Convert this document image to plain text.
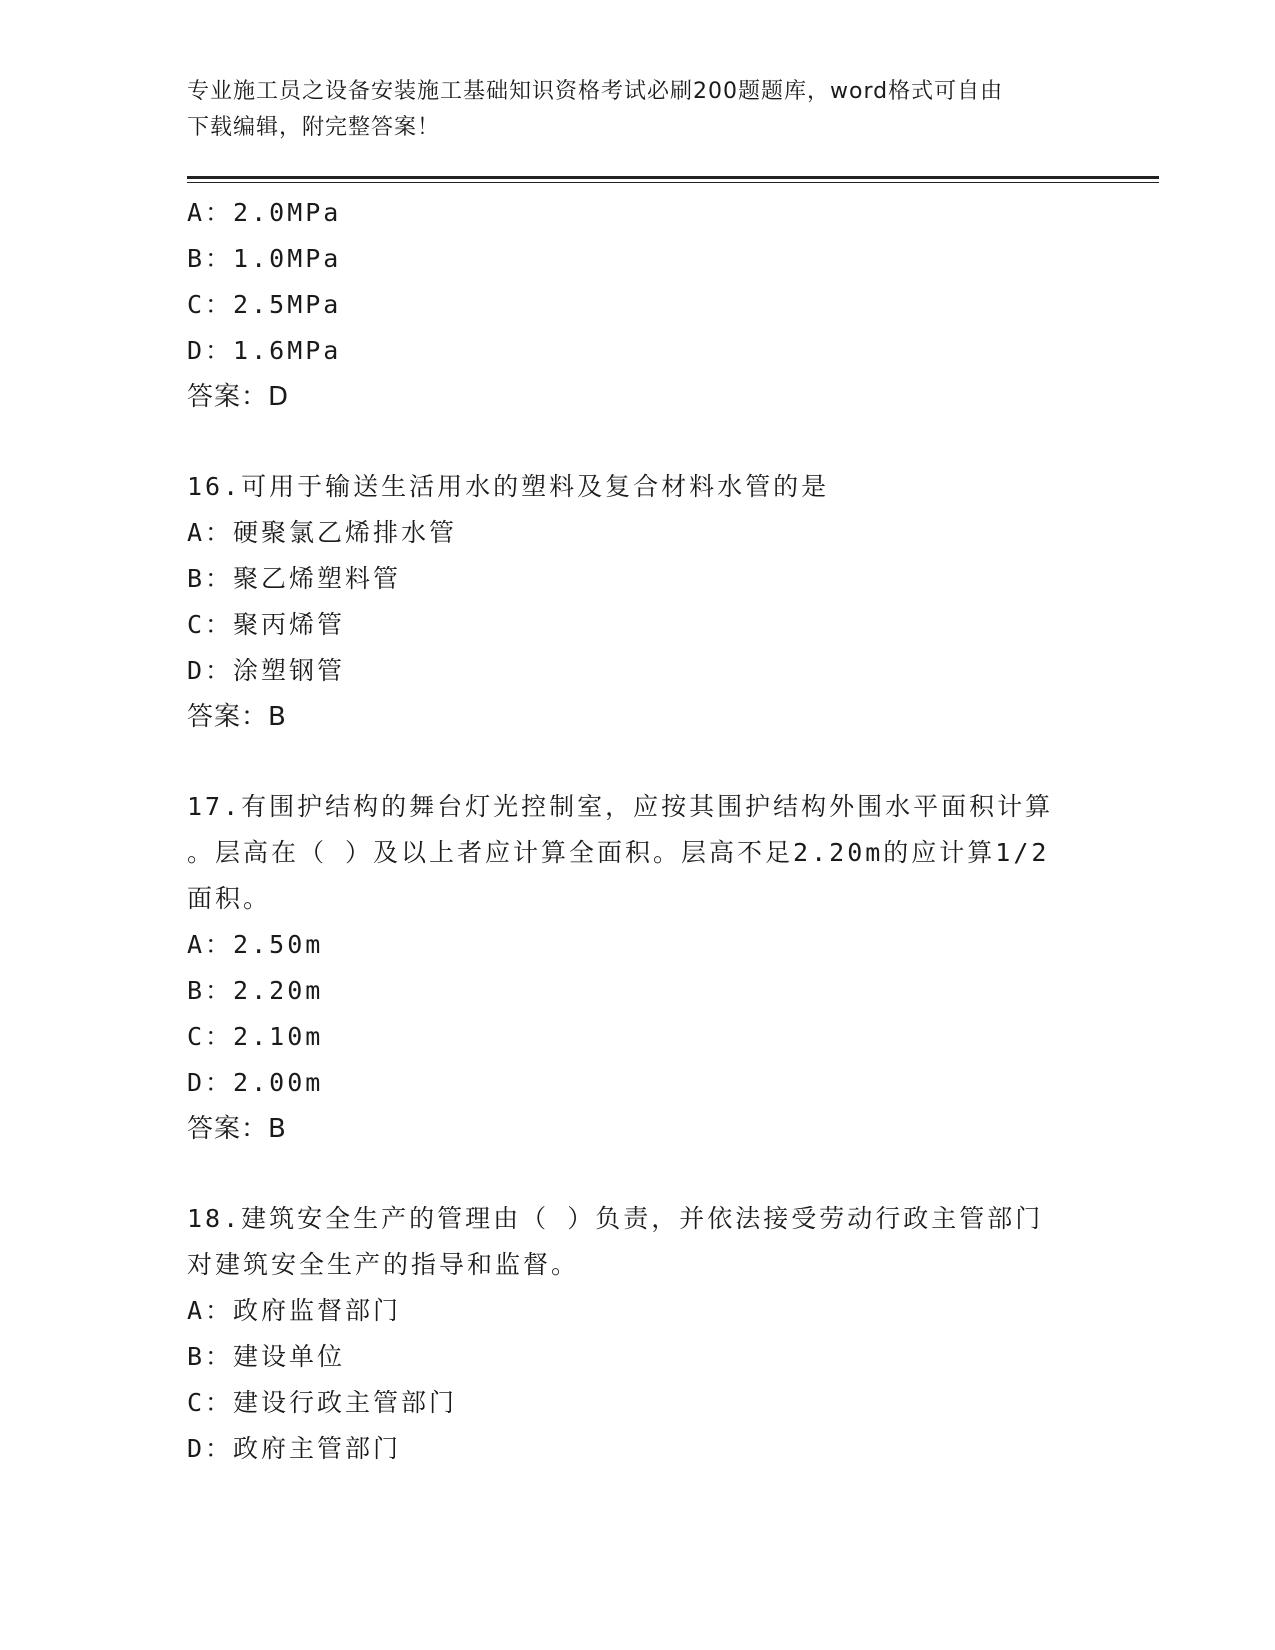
专业施工员之设备安装施工基础知识资格考试必刷200题题库，word格式可自由
下载编辑，附完整答案！
A：2.0MPa
B：1.0MPa
C：2.5MPa
D：1.6MPa
答案：D
16.可用于输送生活用水的塑料及复合材料水管的是
A：硬聚氯乙烯排水管
B：聚乙烯塑料管
C：聚丙烯管
D：涂塑钢管
答案：B
17.有围护结构的舞台灯光控制室，应按其围护结构外围水平面积计算
。层高在（ ）及以上者应计算全面积。层高不足2.20m的应计算1/2
面积。
A：2.50m
B：2.20m
C：2.10m
D：2.00m
答案：B
18.建筑安全生产的管理由（ ）负责，并依法接受劳动行政主管部门
对建筑安全生产的指导和监督。
A：政府监督部门
B：建设单位
C：建设行政主管部门
D：政府主管部门
